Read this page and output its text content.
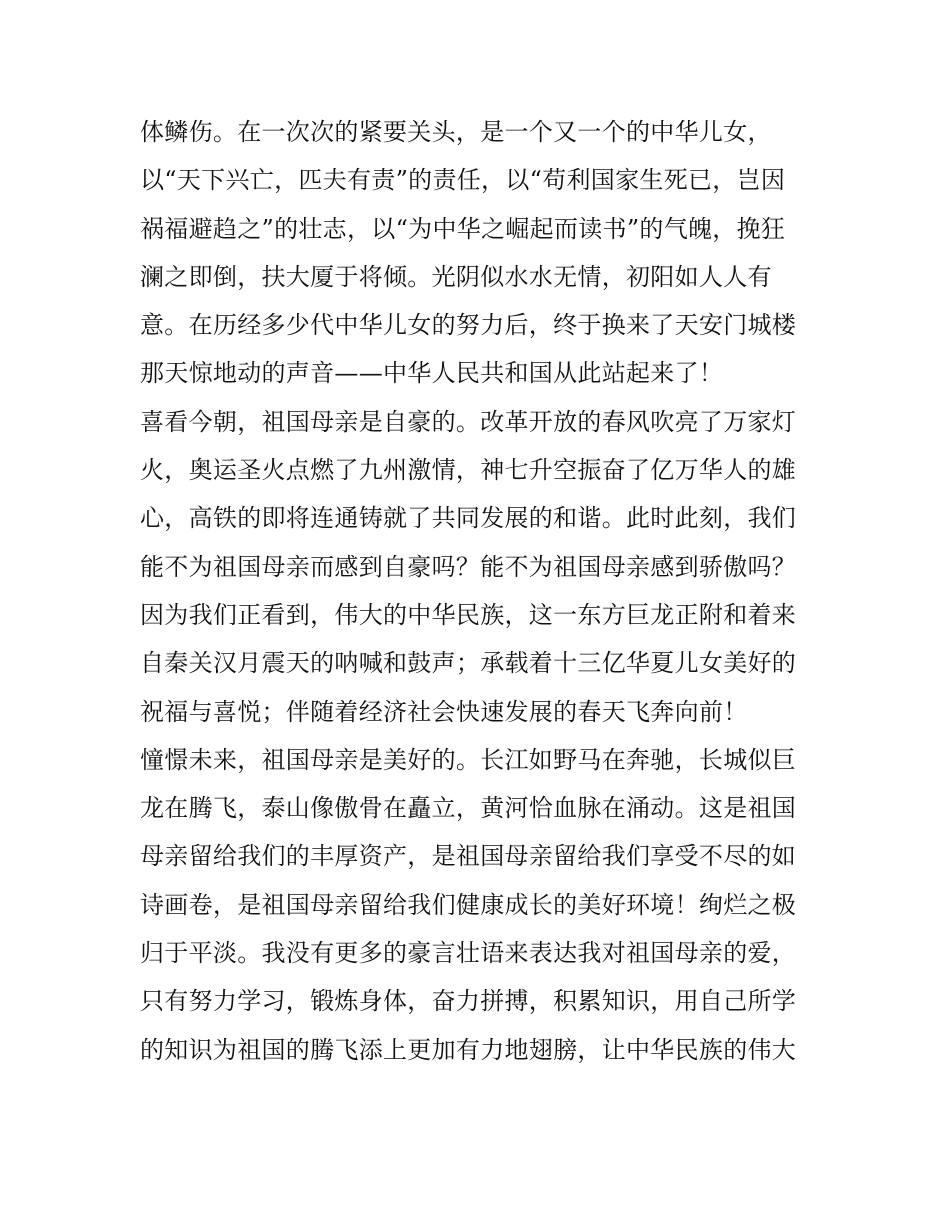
体鳞伤。在一次次的紧要关头，是一个又一个的中华儿女，
以“天下兴亡，匹夫有责”的责任，以“苟利国家生死已，岂因
祸福避趋之”的壮志，以“为中华之崛起而读书”的气魄，挽狂
澜之即倒，扶大厦于将倾。光阴似水水无情，初阳如人人有
意。在历经多少代中华儿女的努力后，终于换来了天安门城楼
那天惊地动的声音——中华人民共和国从此站起来了！
喜看今朝，祖国母亲是自豪的。改革开放的春风吹亮了万家灯
火，奥运圣火点燃了九州激情，神七升空振奋了亿万华人的雄
心，高铁的即将连通铸就了共同发展的和谐。此时此刻，我们
能不为祖国母亲而感到自豪吗？能不为祖国母亲感到骄傲吗？
因为我们正看到，伟大的中华民族，这一东方巨龙正附和着来
自秦关汉月震天的呐喊和鼓声；承载着十三亿华夏儿女美好的
祝福与喜悦；伴随着经济社会快速发展的春天飞奔向前！
憧憬未来，祖国母亲是美好的。长江如野马在奔驰，长城似巨
龙在腾飞，泰山像傲骨在矗立，黄河恰血脉在涌动。这是祖国
母亲留给我们的丰厚资产，是祖国母亲留给我们享受不尽的如
诗画卷，是祖国母亲留给我们健康成长的美好环境！绚烂之极
归于平淡。我没有更多的豪言壮语来表达我对祖国母亲的爱，
只有努力学习，锻炼身体，奋力拼搏，积累知识，用自己所学
的知识为祖国的腾飞添上更加有力地翅膀，让中华民族的伟大
